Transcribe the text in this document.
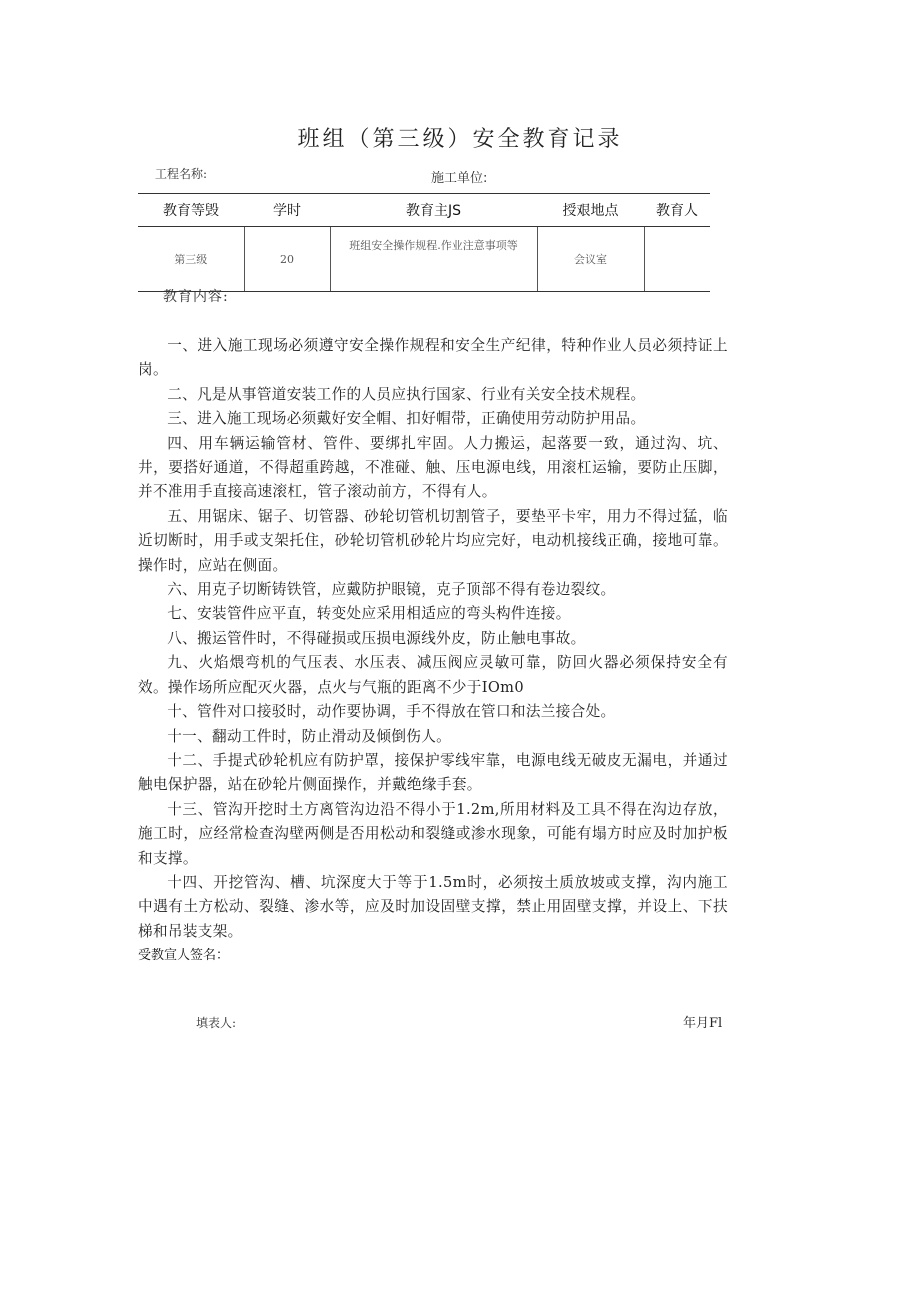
班组（第三级）安全教育记录
工程名称:	施工单位:
教育等毁	学时	教育主JS	授艰地点	教育人
第三级	20	班组安全操作规程.作业注意事项等	会议室	
教育内容:

一、进入施工现场必须遵守安全操作规程和安全生产纪律，特种作业人员必须持证上岗。

二、凡是从事管道安装工作的人员应执行国家、行业有关安全技术规程。

三、进入施工现场必须戴好安全帽、扣好帽带，正确使用劳动防护用品。

四、用车辆运输管材、管件、要绑扎牢固。人力搬运，起落要一致，通过沟、坑、井，要搭好通道，不得超重跨越，不准碰、触、压电源电线，用滚杠运输，要防止压脚，并不准用手直接高速滚杠，管子滚动前方，不得有人。

五、用锯床、锯子、切管器、砂轮切管机切割管子，要垫平卡牢，用力不得过猛，临近切断时，用手或支架托住，砂轮切管机砂轮片均应完好，电动机接线正确，接地可靠。操作时，应站在侧面。

六、用克子切断铸铁管，应戴防护眼镜，克子顶部不得有卷边裂纹。

七、安装管件应平直，转变处应采用相适应的弯头构件连接。

八、搬运管件时，不得碰损或压损电源线外皮，防止触电事故。

九、火焰煨弯机的气压表、水压表、减压阀应灵敏可靠，防回火器必须保持安全有效。操作场所应配灭火器，点火与气瓶的距离不少于IOm0

十、管件对口接驳时，动作要协调，手不得放在管口和法兰接合处。

十一、翻动工件时，防止滑动及倾倒伤人。

十二、手提式砂轮机应有防护罩，接保护零线牢靠，电源电线无破皮无漏电，并通过触电保护器，站在砂轮片侧面操作，并戴绝缘手套。

十三、管沟开挖时土方离管沟边沿不得小于1.2m,所用材料及工具不得在沟边存放，施工时，应经常检查沟壁两侧是否用松动和裂缝或渗水现象，可能有塌方时应及时加护板和支撑。

十四、开挖管沟、槽、坑深度大于等于1.5m时，必须按土质放坡或支撑，沟内施工中遇有土方松动、裂缝、渗水等，应及时加设固壁支撑，禁止用固壁支撑，并设上、下扶梯和吊装支架。

受教宣人签名：
填表人:	年月Fl
